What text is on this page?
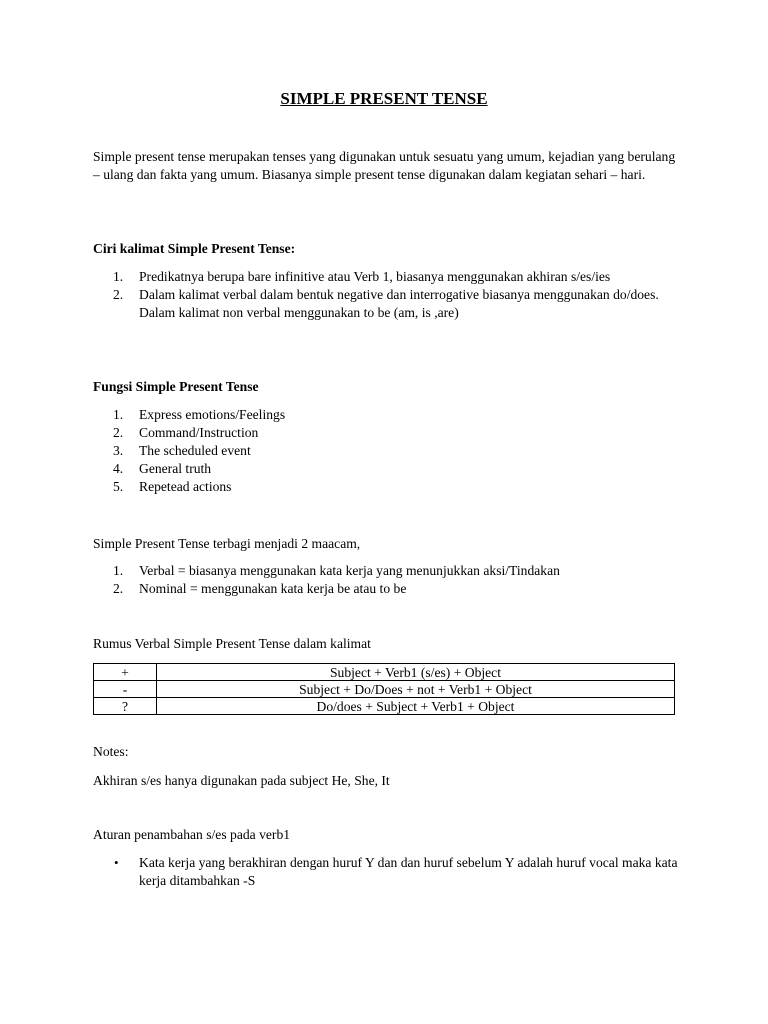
SIMPLE PRESENT TENSE
Simple present tense merupakan tenses yang digunakan untuk sesuatu yang umum, kejadian yang berulang – ulang dan fakta yang umum. Biasanya simple present tense digunakan dalam kegiatan sehari – hari.
Ciri kalimat Simple Present Tense:
1.	Predikatnya berupa bare infinitive atau Verb 1, biasanya menggunakan akhiran s/es/ies
2.	Dalam kalimat verbal dalam bentuk negative dan interrogative biasanya menggunakan do/does. Dalam kalimat non verbal menggunakan to be (am, is ,are)
Fungsi Simple Present Tense
1.	Express emotions/Feelings
2.	Command/Instruction
3.	The scheduled event
4.	General truth
5.	Repetead actions
Simple Present Tense terbagi menjadi 2 maacam,
1.	Verbal = biasanya menggunakan kata kerja yang menunjukkan aksi/Tindakan
2.	Nominal = menggunakan kata kerja be atau to be
Rumus Verbal Simple Present Tense dalam kalimat
+	Subject + Verb1 (s/es) + Object
-	Subject + Do/Does + not + Verb1 + Object
?	Do/does + Subject + Verb1 + Object
Notes:
Akhiran s/es hanya digunakan pada subject He, She, It
Aturan penambahan s/es pada verb1
• Kata kerja yang berakhiran dengan huruf Y dan dan huruf sebelum Y adalah huruf vocal maka kata kerja ditambahkan -S
